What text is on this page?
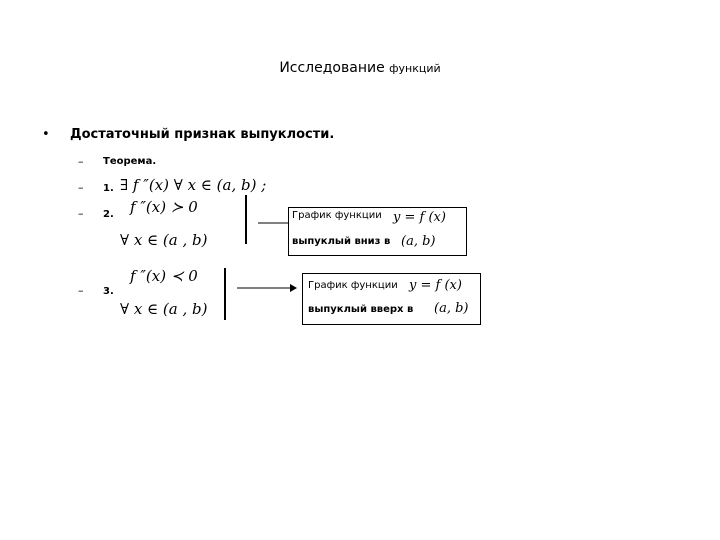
Исследование функций
• Достаточный признак выпуклости.
– Теорема.
– 1. ∃ f ″(x) ∀ x ∈ (a, b) ;
– 2. f ″(x) ≻ 0
∀ x ∈ (a , b)
График функции y = f (x)
выпуклый вниз в (a, b)
– 3.
f ″(x) ≺ 0
∀ x ∈ (a , b)
График функции y = f (x)
выпуклый вверх в (a, b)
